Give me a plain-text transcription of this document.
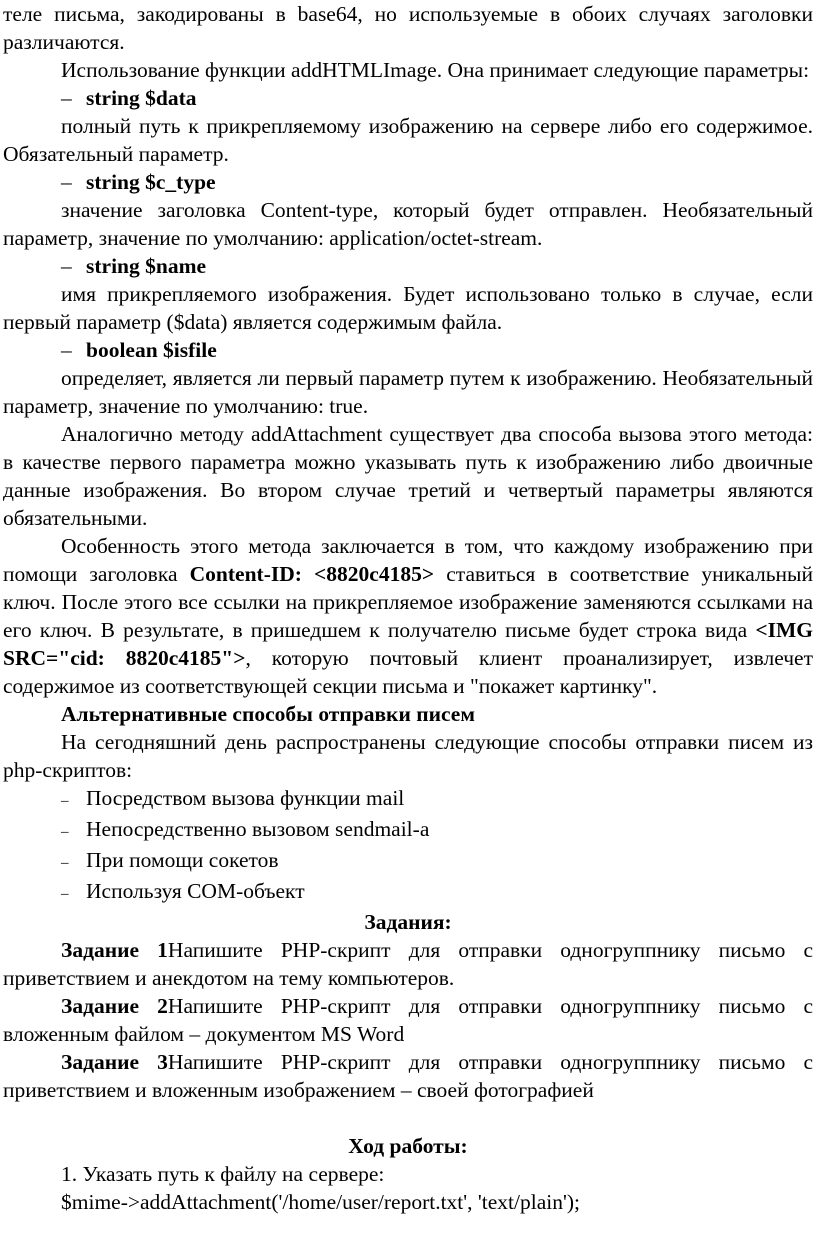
теле письма, закодированы в base64, но используемые в обоих случаях заголовки различаются.

Использование функции addHTMLImage. Она принимает следующие параметры:

– string $data

полный путь к прикрепляемому изображению на сервере либо его содержимое. Обязательный параметр.

– string $c_type

значение заголовка Content-type, который будет отправлен. Необязательный параметр, значение по умолчанию: application/octet-stream.

– string $name

имя прикрепляемого изображения. Будет использовано только в случае, если первый параметр ($data) является содержимым файла.

– boolean $isfile

определяет, является ли первый параметр путем к изображению. Необязательный параметр, значение по умолчанию: true.

Аналогично методу addAttachment существует два способа вызова этого метода: в качестве первого параметра можно указывать путь к изображению либо двоичные данные изображения. Во втором случае третий и четвертый параметры являются обязательными.

Особенность этого метода заключается в том, что каждому изображению при помощи заголовка Content-ID: <8820c4185> ставиться в соответствие уникальный ключ. После этого все ссылки на прикрепляемое изображение заменяются ссылками на его ключ. В результате, в пришедшем к получателю письме будет строка вида <IMG SRC="cid: 8820c4185">, которую почтовый клиент проанализирует, извлечет содержимое из соответствующей секции письма и "покажет картинку".

Альтернативные способы отправки писем

На сегодняшний день распространены следующие способы отправки писем из php-скриптов:

– Посредством вызова функции mail

– Непосредственно вызовом sendmail-а

– При помощи сокетов

– Используя COM-объект

Задания:

Задание 1Напишите PHP-скрипт для отправки одногруппнику письмо с приветствием и анекдотом на тему компьютеров.

Задание 2Напишите PHP-скрипт для отправки одногруппнику письмо с вложенным файлом – документом MS Word

Задание 3Напишите PHP-скрипт для отправки одногруппнику письмо с приветствием и вложенным изображением – своей фотографией

Ход работы:

1. Указать путь к файлу на сервере:

$mime->addAttachment('/home/user/report.txt', 'text/plain');
